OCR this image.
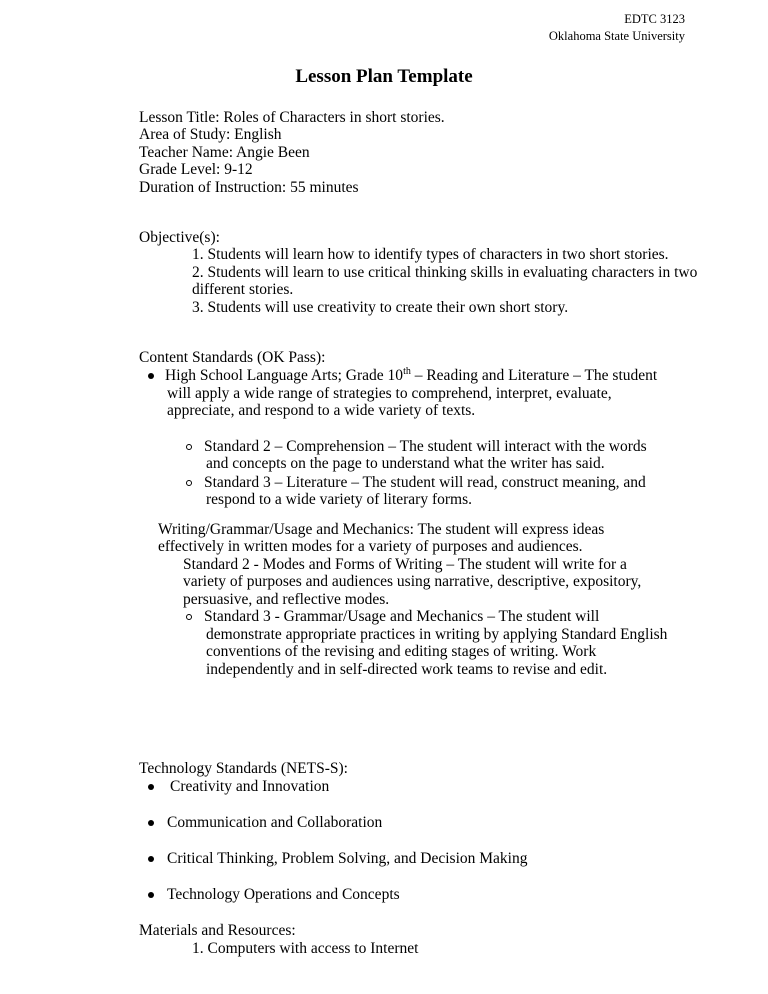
EDTC 3123
Oklahoma State University
Lesson Plan Template
Lesson Title: Roles of Characters in short stories.
Area of Study: English
Teacher Name: Angie Been
Grade Level: 9-12
Duration of Instruction: 55 minutes
Objective(s):
1. Students will learn how to identify types of characters in two short stories.
2. Students will learn to use critical thinking skills in evaluating characters in two
different stories.
3. Students will use creativity to create their own short story.
Content Standards (OK Pass):
High School Language Arts; Grade 10th – Reading and Literature – The student
will apply a wide range of strategies to comprehend, interpret, evaluate,
appreciate, and respond to a wide variety of texts.
Standard 2 – Comprehension – The student will interact with the words
and concepts on the page to understand what the writer has said.
Standard 3 – Literature – The student will read, construct meaning, and
respond to a wide variety of literary forms.
Writing/Grammar/Usage and Mechanics: The student will express ideas
effectively in written modes for a variety of purposes and audiences.
Standard 2 - Modes and Forms of Writing – The student will write for a
variety of purposes and audiences using narrative, descriptive, expository,
persuasive, and reflective modes.
Standard 3 - Grammar/Usage and Mechanics – The student will
demonstrate appropriate practices in writing by applying Standard English
conventions of the revising and editing stages of writing. Work
independently and in self-directed work teams to revise and edit.
Technology Standards (NETS-S):
Creativity and Innovation
Communication and Collaboration
Critical Thinking, Problem Solving, and Decision Making
Technology Operations and Concepts
Materials and Resources:
1. Computers with access to Internet
